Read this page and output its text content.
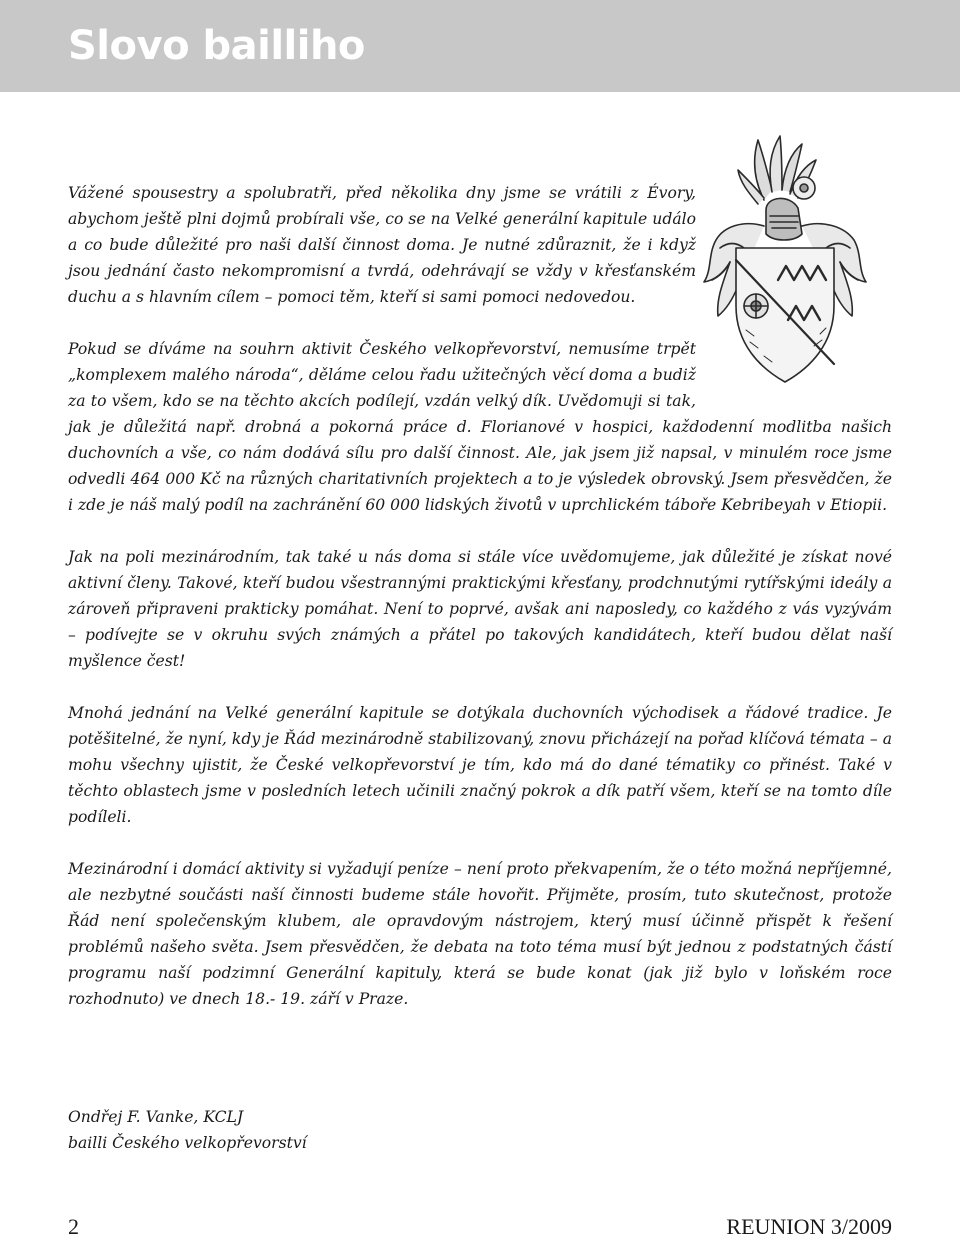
Slovo bailliho

Vážené spousestry a spolubratři, před několika dny jsme se vrátili z Évory, abychom ještě plni dojmů probírali vše, co se na Velké generální kapitule událo a co bude důležité pro naši další činnost doma. Je nutné zdůraznit, že i když jsou jednání často nekompromisní a tvrdá, odehrávají se vždy v křesťanském duchu a s hlavním cílem – pomoci těm, kteří si sami pomoci nedovedou.

Pokud se díváme na souhrn aktivit Českého velkopřevorství, nemusíme trpět „komplexem malého národa“, děláme celou řadu užitečných věcí doma a budiž za to všem, kdo se na těchto akcích podílejí, vzdán velký dík. Uvědomuji si tak, jak je důležitá např. drobná a pokorná práce d. Florianové v hospici, každodenní modlitba našich duchovních a vše, co nám dodává sílu pro další činnost. Ale, jak jsem již napsal, v minulém roce jsme odvedli 464 000 Kč na různých charitativních projektech a to je výsledek obrovský. Jsem přesvědčen, že i zde je náš malý podíl na zachránění 60 000 lidských životů v uprchlickém táboře Kebribeyah v Etiopii.

Jak na poli mezinárodním, tak také u nás doma si stále více uvědomujeme, jak důležité je získat nové aktivní členy. Takové, kteří budou všestrannými praktickými křesťany, prodchnutými rytířskými ideály a zároveň připraveni prakticky pomáhat. Není to poprvé, avšak ani naposledy, co každého z vás vyzývám – podívejte se v okruhu svých známých a přátel po takových kandidátech, kteří budou dělat naší myšlence čest!

Mnohá jednání na Velké generální kapitule se dotýkala duchovních východisek a řádové tradice. Je potěšitelné, že nyní, kdy je Řád mezinárodně stabilizovaný, znovu přicházejí na pořad klíčová témata – a mohu všechny ujistit, že České velkopřevorství je tím, kdo má do dané tématiky co přinést. Také v těchto oblastech jsme v posledních letech učinili značný pokrok a dík patří všem, kteří se na tomto díle podíleli.

Mezinárodní i domácí aktivity si vyžadují peníze – není proto překvapením, že o této možná nepříjemné, ale nezbytné součásti naší činnosti budeme stále hovořit. Přijměte, prosím, tuto skutečnost, protože Řád není společenským klubem, ale opravdovým nástrojem, který musí účinně přispět k řešení problémů našeho světa. Jsem přesvědčen, že debata na toto téma musí být jednou z podstatných částí programu naší podzimní Generální kapituly, která se bude konat (jak již bylo v loňském roce rozhodnuto) ve dnech 18.- 19. září v Praze.

Ondřej F. Vanke, KCLJ
bailli Českého velkopřevorství
2	REUNION 3/2009
